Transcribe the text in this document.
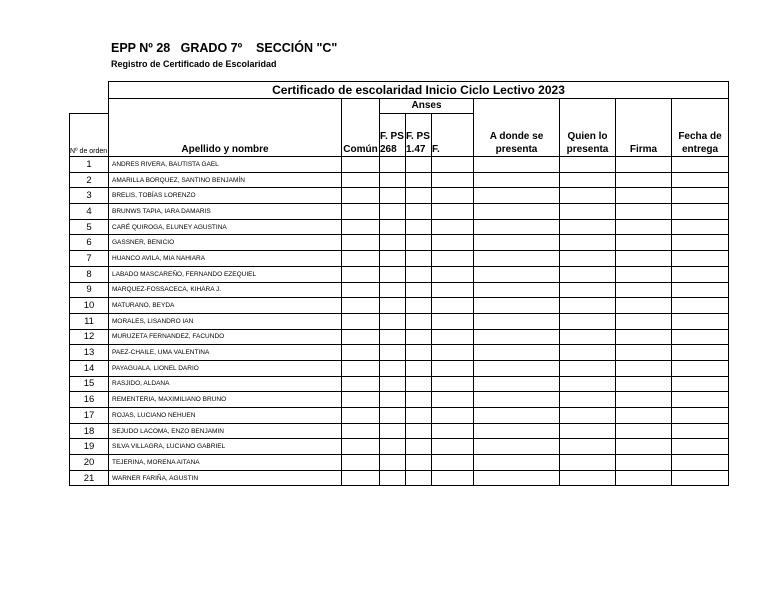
EPP Nº 28   GRADO 7º    SECCIÓN "C"
Registro de Certificado de Escolaridad
	Certificado de escolaridad Inicio Ciclo Lectivo 2023								
	Apellido y nombre	Común	Anses			A donde se presenta	Quien lo presenta	Firma	Fecha de entrega
Nº de orden			F. PS 268	F. PS 1.47	F.				
1	ANDRES RIVERA, BAUTISTA GAEL								
2	AMARILLA BORQUEZ, SANTINO BENJAMÍN								
3	BRELIS, TOBÍAS LORENZO								
4	BRUNWS TAPIA, IARA DAMARIS								
5	CARÉ QUIROGA, ELUNEY AGUSTINA								
6	GASSNER, BENICIO								
7	HUANCO AVILA, MIA NAHIARA								
8	LABADO MASCAREÑO, FERNANDO EZEQUIEL								
9	MARQUEZ-FOSSACECA, KIHARA J.								
10	MATURANO, BEYDA								
11	MORALES, LISANDRO IAN								
12	MURUZETA FERNANDEZ, FACUNDO								
13	PAEZ-CHAILE, UMA VALENTINA								
14	PAYAGUALA, LIONEL DARIO								
15	RASJIDO, ALDANA								
16	REMENTERIA, MAXIMILIANO BRUNO								
17	ROJAS, LUCIANO NEHUEN								
18	SEJUDO LACOMA, ENZO BENJAMIN								
19	SILVA VILLAGRA, LUCIANO GABRIEL								
20	TEJERINA, MORENA AITANA								
21	WARNER FARIÑA, AGUSTIN								
